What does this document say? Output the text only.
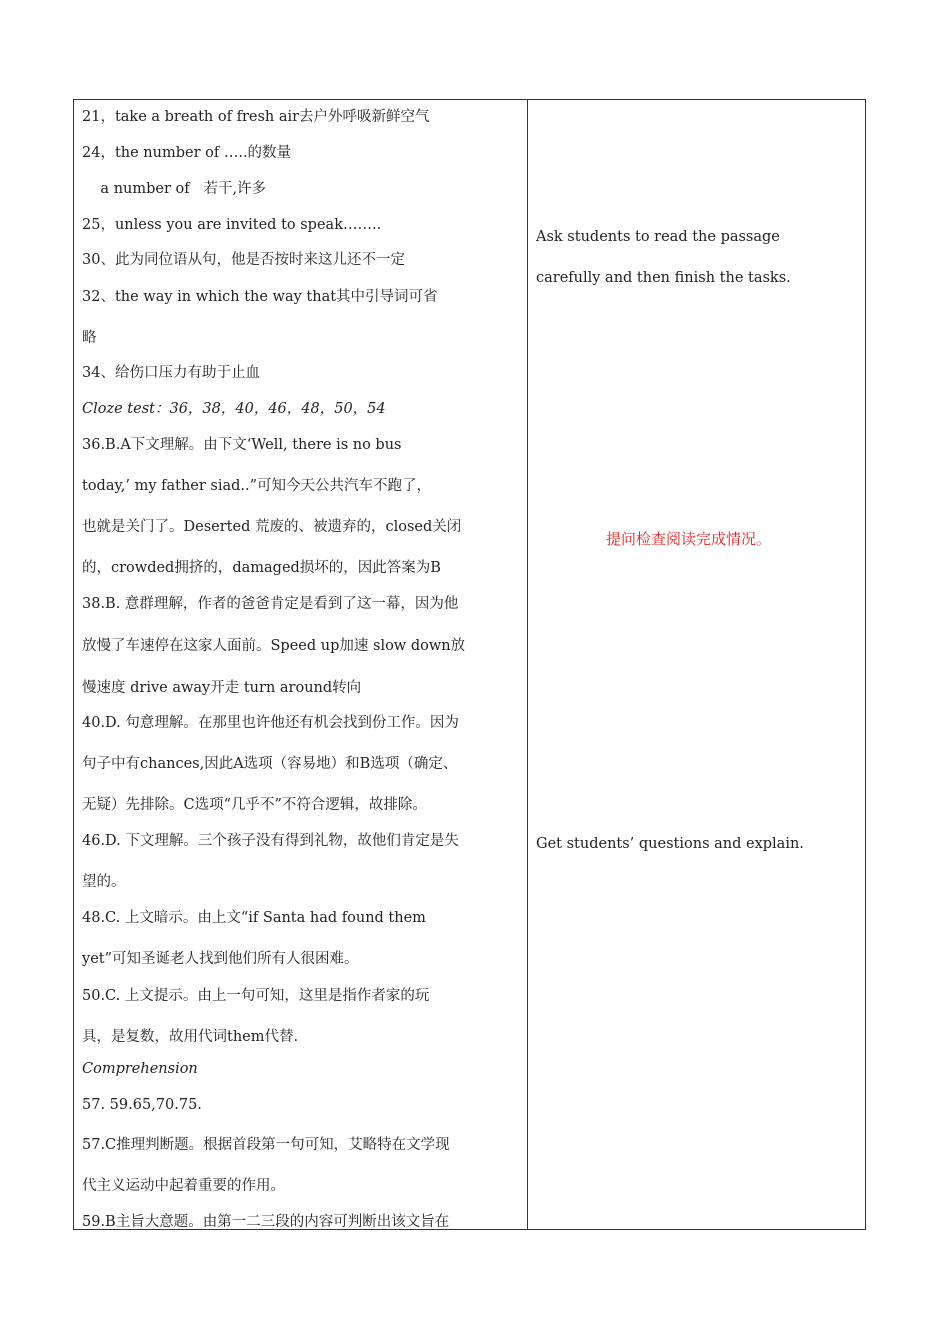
21，take a breath of fresh air去户外呼吸新鲜空气
24，the number of …..的数量
a number of   若干,许多
25，unless you are invited to speak……..
30、此为同位语从句，他是否按时来这儿还不一定
32、the way in which the way that其中引导词可省
略
34、给伤口压力有助于止血
Cloze test：36，38，40，46，48，50，54
36.B.A下文理解。由下文‘Well, there is no bus
today,’ my father siad..”可知今天公共汽车不跑了，
也就是关门了。Deserted 荒废的、被遗弃的，closed关闭
的，crowded拥挤的，damaged损坏的，因此答案为B
38.B. 意群理解，作者的爸爸肯定是看到了这一幕，因为他
放慢了车速停在这家人面前。Speed up加速 slow down放
慢速度 drive away开走 turn around转向
40.D. 句意理解。在那里也许他还有机会找到份工作。因为
句子中有chances,因此A选项（容易地）和B选项（确定、
无疑）先排除。C选项“几乎不”不符合逻辑，故排除。
46.D. 下文理解。三个孩子没有得到礼物，故他们肯定是失
望的。
48.C. 上文暗示。由上文“if Santa had found them
yet”可知圣诞老人找到他们所有人很困难。
50.C. 上文提示。由上一句可知，这里是指作者家的玩
具，是复数，故用代词them代替.
Comprehension
57. 59.65,70.75.
57.C推理判断题。根据首段第一句可知，艾略特在文学现
代主义运动中起着重要的作用。
59.B主旨大意题。由第一二三段的内容可判断出该文旨在
Ask students to read the passage
carefully and then finish the tasks.
提问检查阅读完成情况。
Get students’ questions and explain.
